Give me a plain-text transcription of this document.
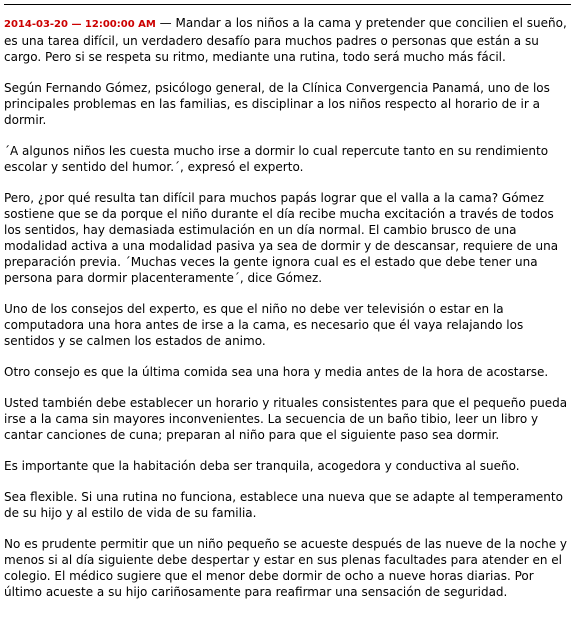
2014-03-20 — 12:00:00 AM — Mandar a los niños a la cama y pretender que concilien el sueño, es una tarea difícil, un verdadero desafío para muchos padres o personas que están a su cargo. Pero si se respeta su ritmo, mediante una rutina, todo será mucho más fácil.

Según Fernando Gómez, psicólogo general, de la Clínica Convergencia Panamá, uno de los principales problemas en las familias, es disciplinar a los niños respecto al horario de ir a dormir.

´A algunos niños les cuesta mucho irse a dormir lo cual repercute tanto en su rendimiento escolar y sentido del humor.´, expresó el experto.

Pero, ¿por qué resulta tan difícil para muchos papás lograr que el valla a la cama? Gómez sostiene que se da porque el niño durante el día recibe mucha excitación a través de todos los sentidos, hay demasiada estimulación en un día normal. El cambio brusco de una modalidad activa a una modalidad pasiva ya sea de dormir y de descansar, requiere de una preparación previa. ´Muchas veces la gente ignora cual es el estado que debe tener una persona para dormir placenteramente´, dice Gómez.

Uno de los consejos del experto, es que el niño no debe ver televisión o estar en la computadora una hora antes de irse a la cama, es necesario que él vaya relajando los sentidos y se calmen los estados de animo.

Otro consejo es que la última comida sea una hora y media antes de la hora de acostarse.

Usted también debe establecer un horario y rituales consistentes para que el pequeño pueda irse a la cama sin mayores inconvenientes. La secuencia de un baño tibio, leer un libro y cantar canciones de cuna; preparan al niño para que el siguiente paso sea dormir.

Es importante que la habitación deba ser tranquila, acogedora y conductiva al sueño.

Sea flexible. Si una rutina no funciona, establece una nueva que se adapte al temperamento de su hijo y al estilo de vida de su familia.

No es prudente permitir que un niño pequeño se acueste después de las nueve de la noche y menos si al día siguiente debe despertar y estar en sus plenas facultades para atender en el colegio. El médico sugiere que el menor debe dormir de ocho a nueve horas diarias. Por último acueste a su hijo cariñosamente para reafirmar una sensación de seguridad.
